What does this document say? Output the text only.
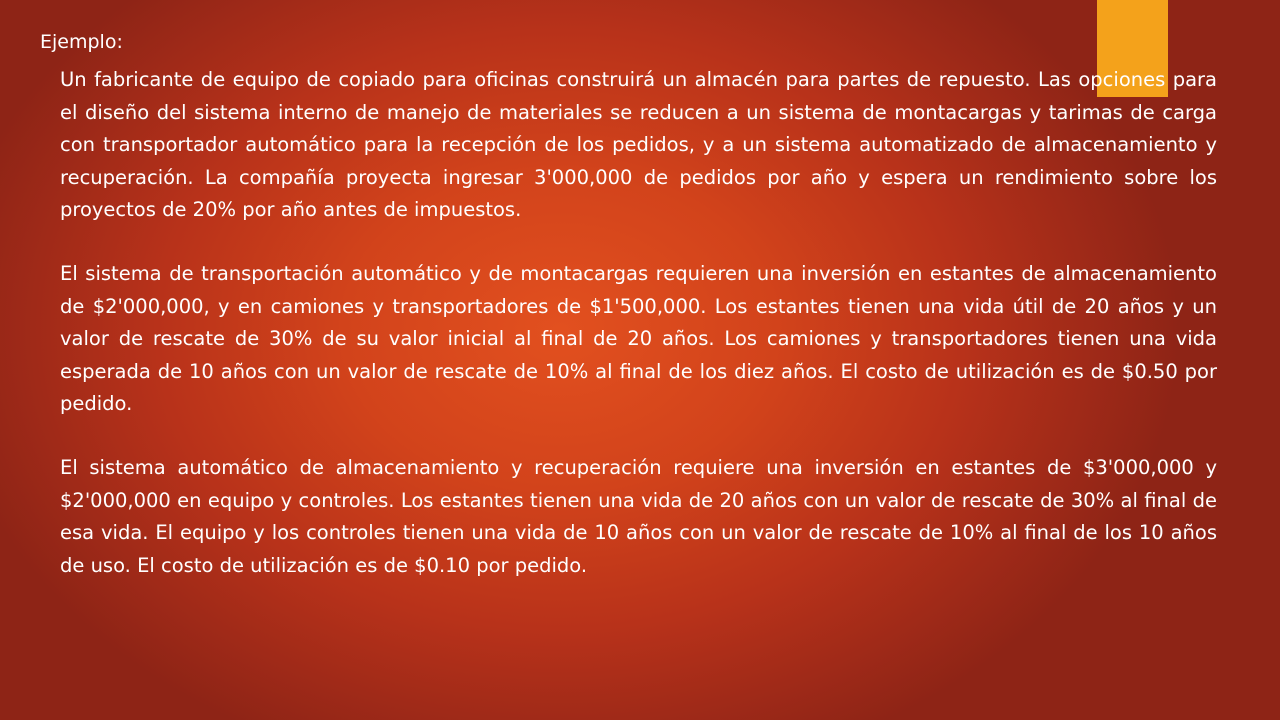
Ejemplo:

Un fabricante de equipo de copiado para oficinas construirá un almacén para partes de repuesto. Las opciones para el diseño del sistema interno de manejo de materiales se reducen a un sistema de montacargas y tarimas de carga con transportador automático para la recepción de los pedidos, y a un sistema automatizado de almacenamiento y recuperación. La compañía proyecta ingresar 3'000,000 de pedidos por año y espera un rendimiento sobre los proyectos de 20% por año antes de impuestos.

El sistema de transportación automático y de montacargas requieren una inversión en estantes de almacenamiento de $2'000,000, y en camiones y transportadores de $1'500,000. Los estantes tienen una vida útil de 20 años y un valor de rescate de 30% de su valor inicial al final de 20 años. Los camiones y transportadores tienen una vida esperada de 10 años con un valor de rescate de 10% al final de los diez años. El costo de utilización es de $0.50 por pedido.

El sistema automático de almacenamiento y recuperación requiere una inversión en estantes de $3'000,000 y $2'000,000 en equipo y controles. Los estantes tienen una vida de 20 años con un valor de rescate de 30% al final de esa vida. El equipo y los controles tienen una vida de 10 años con un valor de rescate de 10% al final de los 10 años de uso. El costo de utilización es de $0.10 por pedido.
